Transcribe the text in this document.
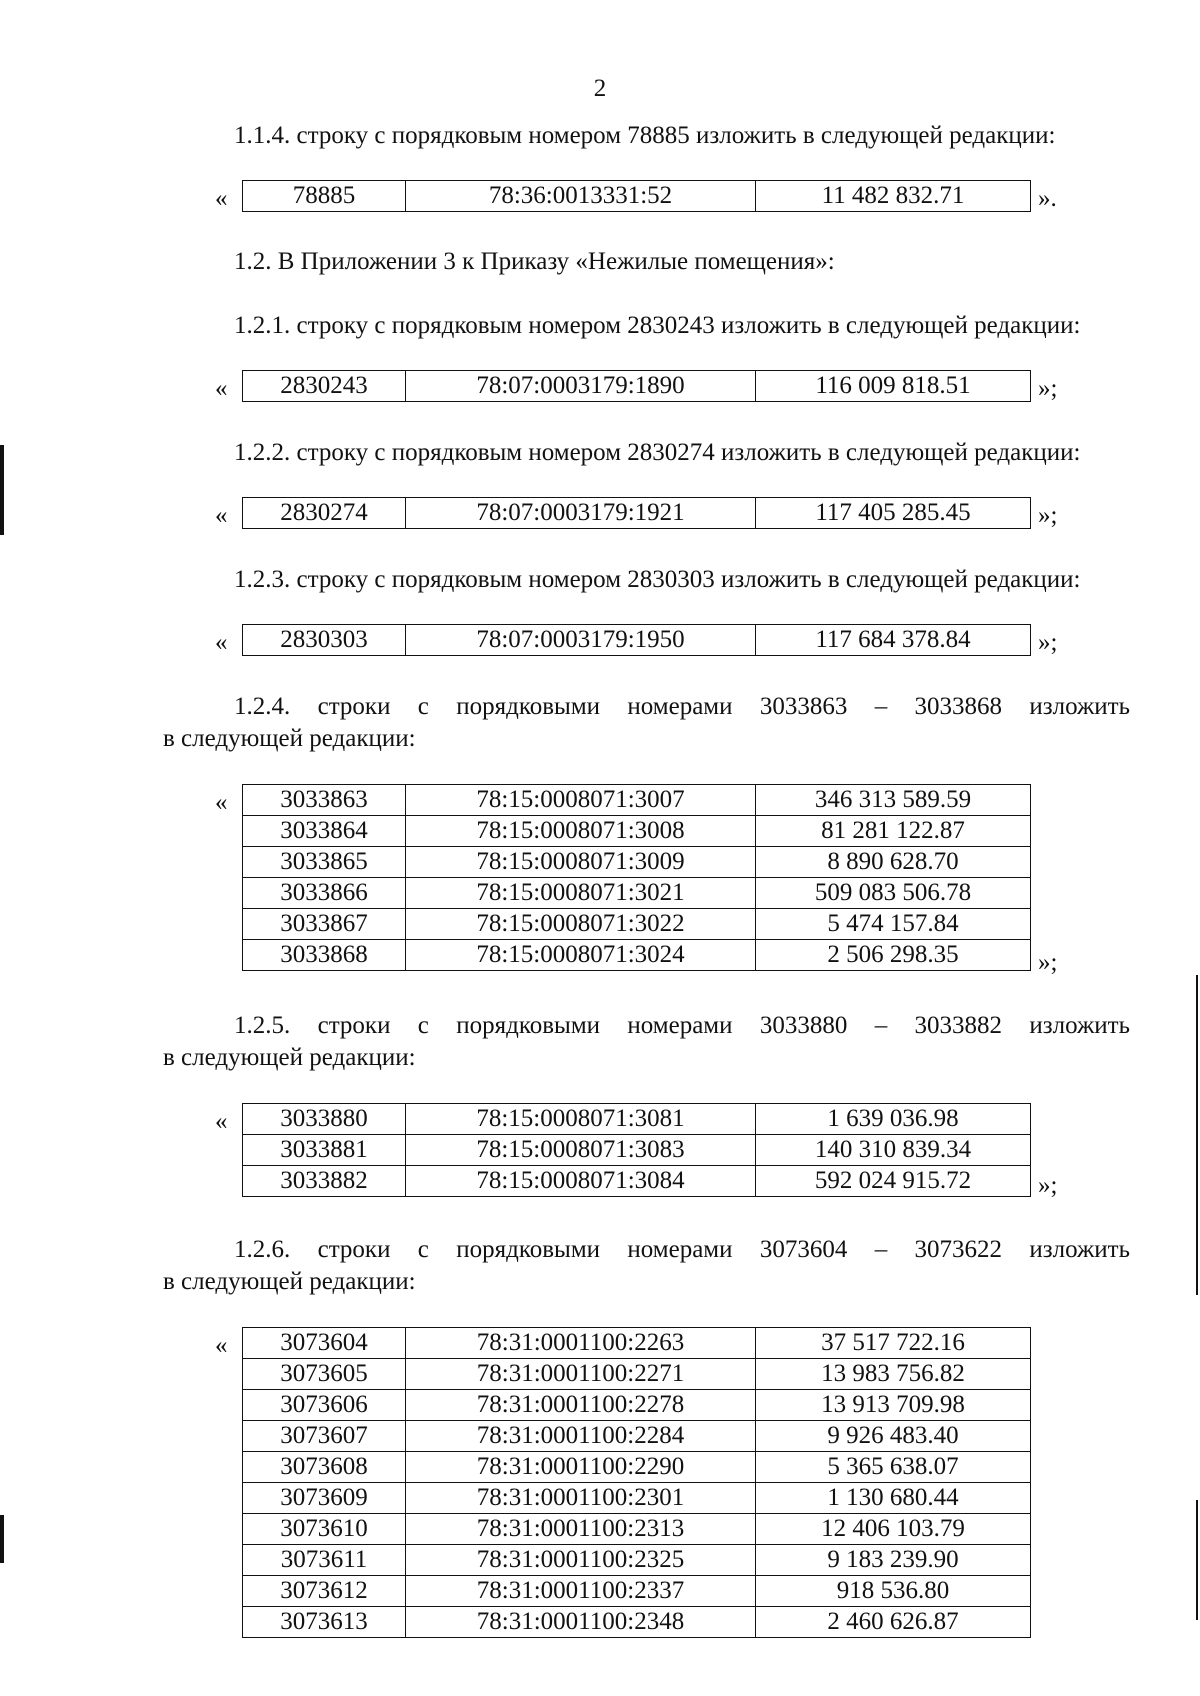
2
1.1.4. строку с порядковым номером 78885 изложить в следующей редакции:
«	78885	78:36:0013331:52	11 482 832.71	».
1.2. В Приложении 3 к Приказу «Нежилые помещения»:
1.2.1. строку с порядковым номером 2830243 изложить в следующей редакции:
« 2830243	78:07:0003179:1890	116 009 818.51	»;
1.2.2. строку с порядковым номером 2830274 изложить в следующей редакции:
« 2830274	78:07:0003179:1921	117 405 285.45	»;
1.2.3. строку с порядковым номером 2830303 изложить в следующей редакции:
« 2830303	78:07:0003179:1950	117 684 378.84	»;
1.2.4. строки с порядковыми номерами 3033863 – 3033868 изложить
в следующей редакции:
« 3033863	78:15:0008071:3007	346 313 589.59
3033864	78:15:0008071:3008	81 281 122.87
3033865	78:15:0008071:3009	8 890 628.70
3033866	78:15:0008071:3021	509 083 506.78
3033867	78:15:0008071:3022	5 474 157.84
3033868	78:15:0008071:3024	2 506 298.35	»;
1.2.5. строки с порядковыми номерами 3033880 – 3033882 изложить
в следующей редакции:
« 3033880	78:15:0008071:3081	1 639 036.98
3033881	78:15:0008071:3083	140 310 839.34
3033882	78:15:0008071:3084	592 024 915.72	»;
1.2.6. строки с порядковыми номерами 3073604 – 3073622 изложить
в следующей редакции:
« 3073604	78:31:0001100:2263	37 517 722.16
3073605	78:31:0001100:2271	13 983 756.82
3073606	78:31:0001100:2278	13 913 709.98
3073607	78:31:0001100:2284	9 926 483.40
3073608	78:31:0001100:2290	5 365 638.07
3073609	78:31:0001100:2301	1 130 680.44
3073610	78:31:0001100:2313	12 406 103.79
3073611	78:31:0001100:2325	9 183 239.90
3073612	78:31:0001100:2337	918 536.80
3073613	78:31:0001100:2348	2 460 626.87
